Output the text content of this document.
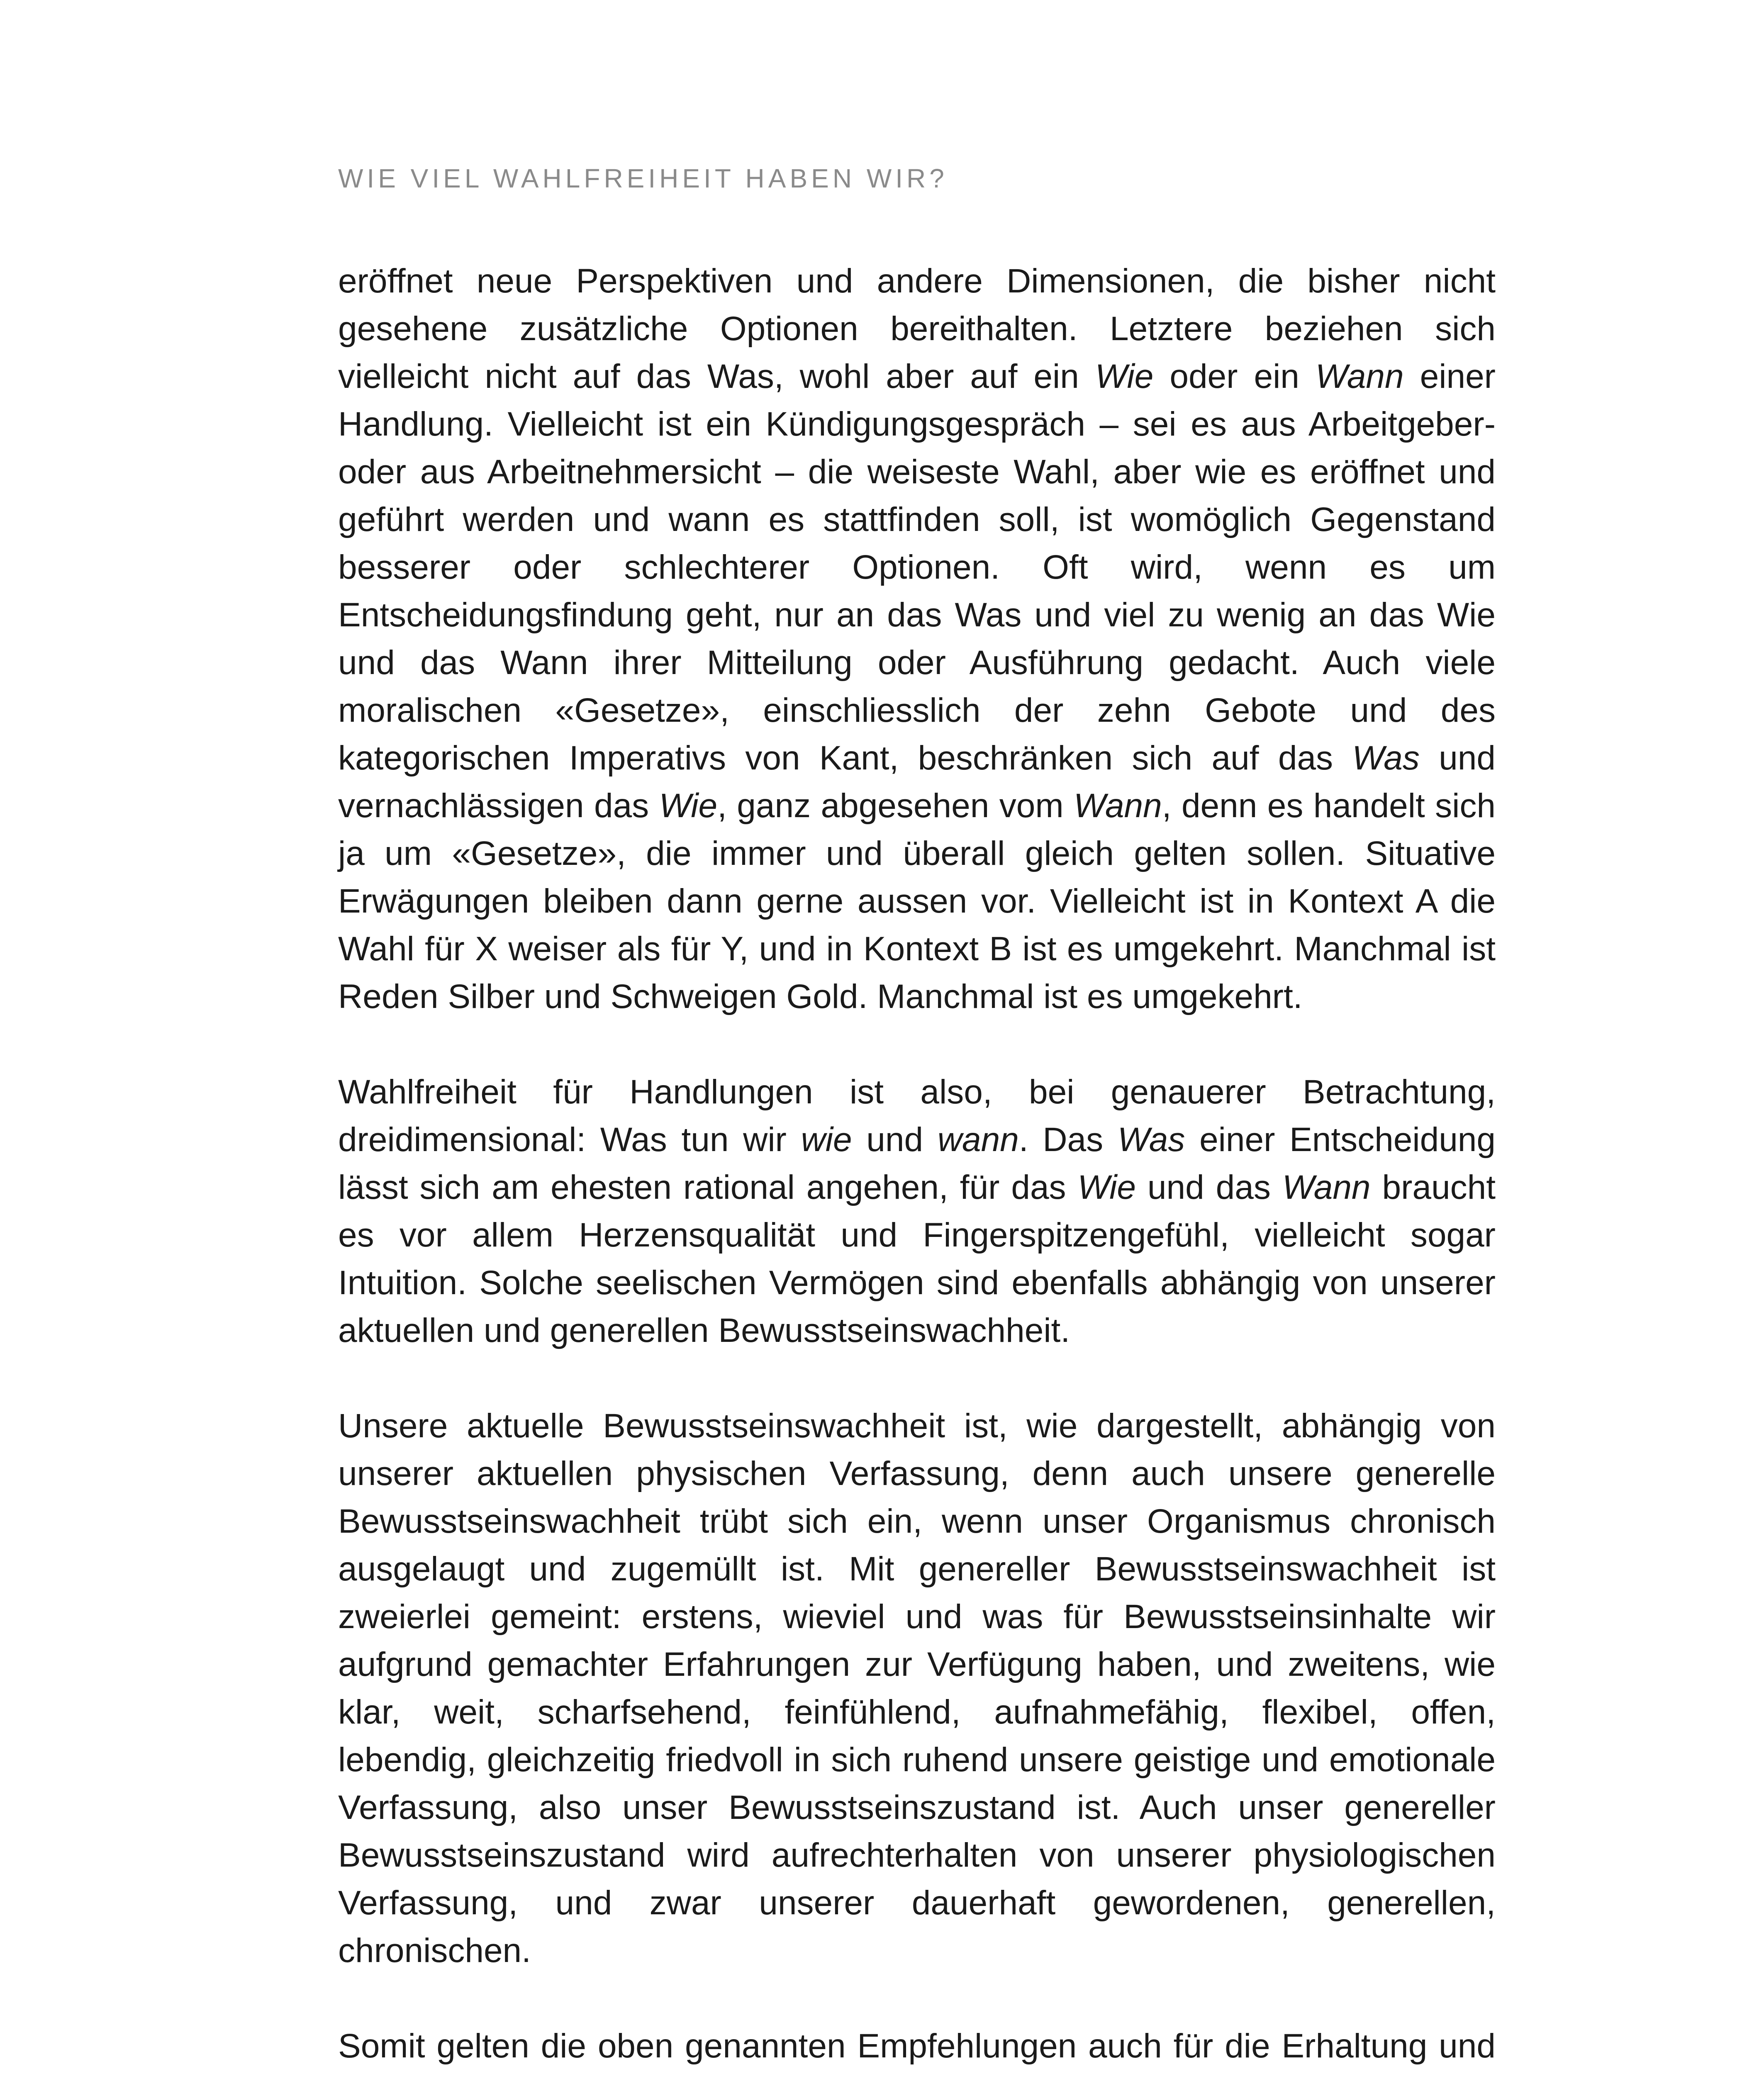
WIE VIEL WAHLFREIHEIT HABEN WIR?

eröffnet neue Perspektiven und andere Dimensionen, die bisher nicht gesehene zusätzliche Optionen bereithalten. Letztere beziehen sich vielleicht nicht auf das Was, wohl aber auf ein Wie oder ein Wann einer Handlung. Vielleicht ist ein Kündigungsgespräch – sei es aus Arbeitgeber- oder aus Arbeitnehmersicht – die weiseste Wahl, aber wie es eröffnet und geführt werden und wann es stattfinden soll, ist womöglich Gegenstand besserer oder schlechterer Optionen. Oft wird, wenn es um Entscheidungsfindung geht, nur an das Was und viel zu wenig an das Wie und das Wann ihrer Mitteilung oder Ausführung gedacht. Auch viele moralischen «Gesetze», einschliesslich der zehn Gebote und des kategorischen Imperativs von Kant, beschränken sich auf das Was und vernachlässigen das Wie, ganz abgesehen vom Wann, denn es handelt sich ja um «Gesetze», die immer und überall gleich gelten sollen. Situative Erwägungen bleiben dann gerne aussen vor. Vielleicht ist in Kontext A die Wahl für X weiser als für Y, und in Kontext B ist es umgekehrt. Manchmal ist Reden Silber und Schweigen Gold. Manchmal ist es umgekehrt.

Wahlfreiheit für Handlungen ist also, bei genauerer Betrachtung, dreidimensional: Was tun wir wie und wann. Das Was einer Entscheidung lässt sich am ehesten rational angehen, für das Wie und das Wann braucht es vor allem Herzensqualität und Fingerspitzengefühl, vielleicht sogar Intuition. Solche seelischen Vermögen sind ebenfalls abhängig von unserer aktuellen und generellen Bewusstseinswachheit.

Unsere aktuelle Bewusstseinswachheit ist, wie dargestellt, abhängig von unserer aktuellen physischen Verfassung, denn auch unsere generelle Bewusstseinswachheit trübt sich ein, wenn unser Organismus chronisch ausgelaugt und zugemüllt ist. Mit genereller Bewusstseinswachheit ist zweierlei gemeint: erstens, wieviel und was für Bewusstseinsinhalte wir aufgrund gemachter Erfahrungen zur Verfügung haben, und zweitens, wie klar, weit, scharfsehend, feinfühlend, aufnahmefähig, flexibel, offen, lebendig, gleichzeitig friedvoll in sich ruhend unsere geistige und emotionale Verfassung, also unser Bewusstseinszustand ist. Auch unser genereller Bewusstseinszustand wird aufrechterhalten von unserer physiologischen Verfassung, und zwar unserer dauerhaft gewordenen, generellen, chronischen.

Somit gelten die oben genannten Empfehlungen auch für die Erhaltung und
